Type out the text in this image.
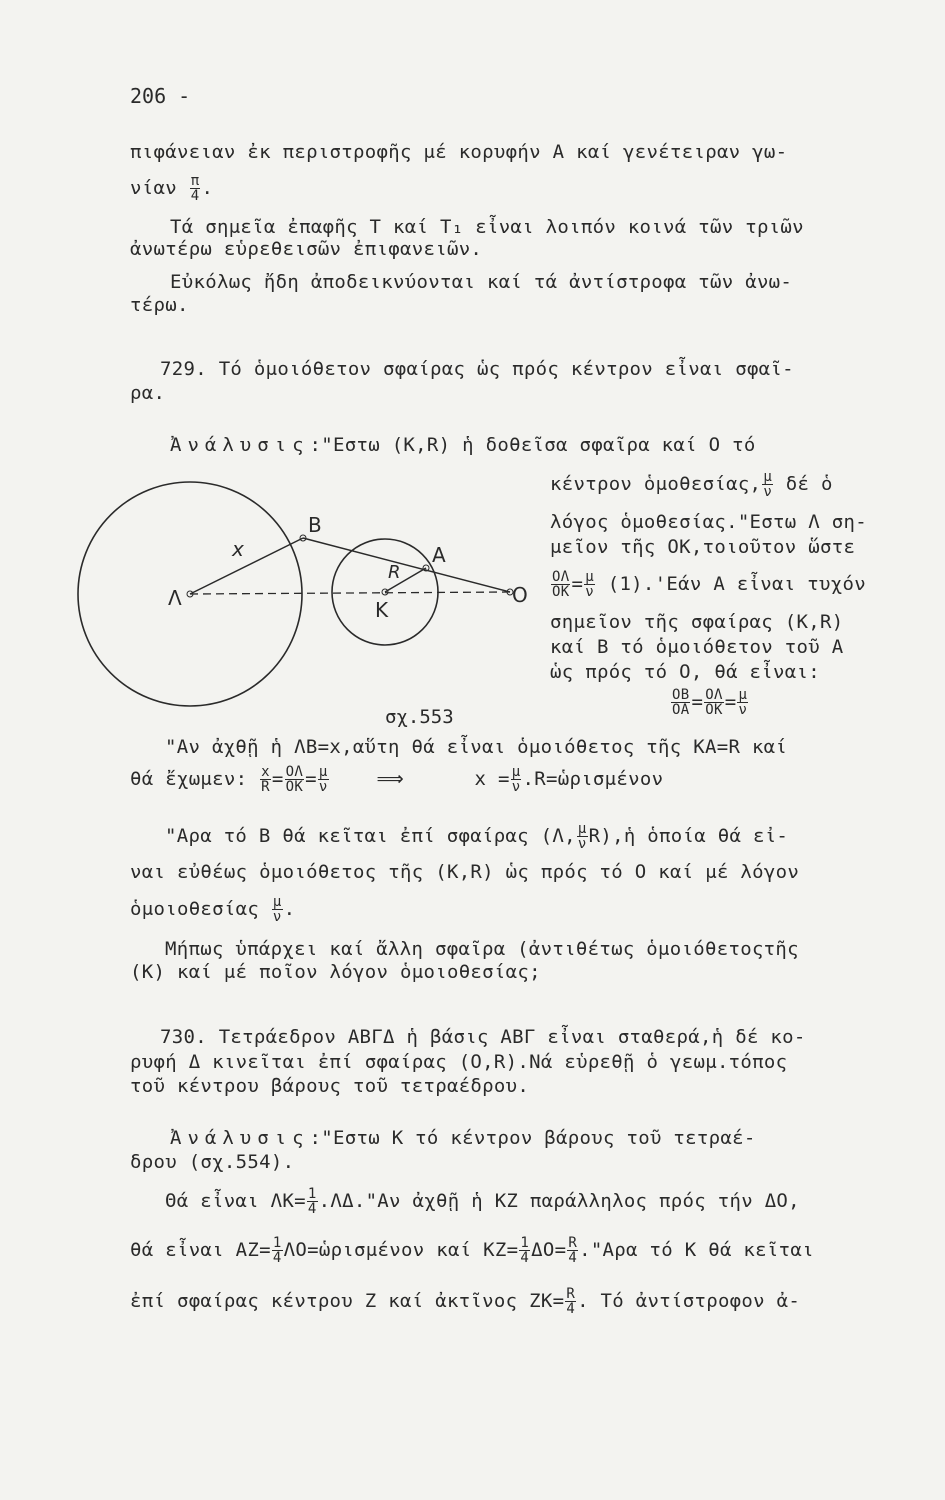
206 -
πιφάνειαν ἐκ περιστροφῆς μέ κορυφήν Α καί γενέτειραν γω-
νίαν $\frac{\pi}{4}$ .
Τά σημεῖα ἐπαφῆς Τ καί Τ₁ εἶναι λοιπόν κοινά τῶν τριῶν
ἀνωτέρω εὑρεθεισῶν ἐπιφανειῶν.
Εὐκόλως ἤδη ἀποδεικνύονται καί τά ἀντίστροφα τῶν ἀνω-
τέρω.
729. Τό ὁμοιόθετον σφαίρας ὡς πρός κέντρον εἶναι σφαῖ-
ρα.
Ἀνάλυσις:"Εστω (Κ,R) ἡ δοθεῖσα σφαῖρα καί Ο τό
κέντρον ὁμοθεσίας, $\frac{\mu}{\nu}$ δέ ὁ
λόγος ὁμοθεσίας."Εστω Λ ση-
μεῖον τῆς ΟΚ,τοιοῦτον ὥστε
$\frac{O\Lambda}{OK} = \frac{\mu}{\nu} (1).'Eά\nu$ Α εἶναι τυχόν
σημεῖον τῆς σφαίρας (Κ,R)
καί Β τό ὁμοιόθετον τοῦ Α
ὡς πρός τό Ο, θά εἶναι:
$\frac{OB}{OA} = \frac{O\Lambda}{OK} = \frac{\mu}{\nu}$
B
A
O
K
Λ
x
R
σχ.553
"Αν ἀχθῇ ἡ ΛΒ=x,αὕτη θά εἶναι ὁμοιόθετος τῆς ΚΑ=R καί
θά ἔχωμεν: $\frac{x}{R} = \frac{O\Lambda}{OK} = \frac{\mu}{\nu}$	⟹	$x = \frac{\mu}{\nu}$ .R=ὡρισμένον
"Αρα τό Β θά κεῖται ἐπί σφαίρας (Λ, $\frac{\mu}{\nu}$ R),ἡ ὁποία θά εἰ-
ναι εὐθέως ὁμοιόθετος τῆς (Κ,R) ὡς πρός τό Ο καί μέ λόγον
ὁμοιοθεσίας $\frac{\mu}{\nu}$ .
Μήπως ὑπάρχει καί ἄλλη σφαῖρα (ἀντιθέτως ὁμοιόθετοςτῆς
(Κ) καί μέ ποῖον λόγον ὁμοιοθεσίας;
730. Τετράεδρον ΑΒΓΔ ἡ βάσις ΑΒΓ εἶναι σταθερά,ἡ δέ κο-
ρυφή Δ κινεῖται ἐπί σφαίρας (Ο,R).Νά εὑρεθῇ ὁ γεωμ.τόπος
τοῦ κέντρου βάρους τοῦ τετραέδρου.
Ἀνάλυσις:"Εστω Κ τό κέντρον βάρους τοῦ τετραέ-
δρου (σχ.554).
Θά εἶναι $\Lambda K= \frac{1}{4}$ .ΛΔ."Αν ἀχθῇ ἡ ΚΖ παράλληλος πρός τήν ΔΟ,
θά εἶναι $AZ= \frac{1}{4}$ ΛΟ=ὡρισμένον καί $KZ= \frac{1}{4} \Delta O= \frac{R}{4}$ ."Αρα τό Κ θά κεῖται
ἐπί σφαίρας κέντρου Ζ καί ἀκτῖνος $ZK= \frac{R}{4}$ . Τό ἀντίστροφον ἀ-
